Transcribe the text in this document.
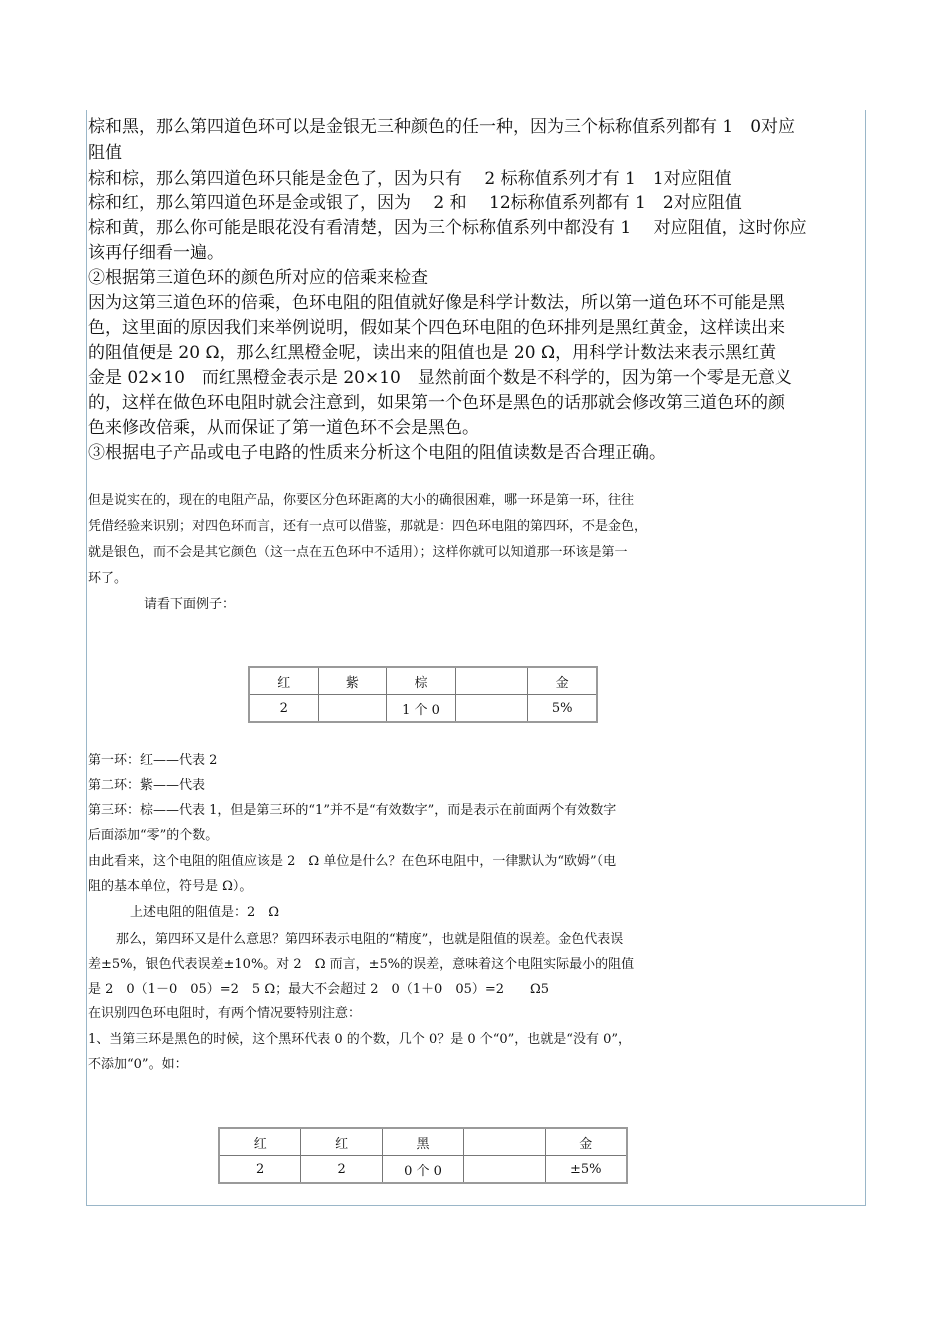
棕和黑，那么第四道色环可以是金银无三种颜色的任一种，因为三个标称值系列都有 1　0对应
阻值
棕和棕，那么第四道色环只能是金色了，因为只有　 2 标称值系列才有 1　1对应阻值
棕和红，那么第四道色环是金或银了，因为　 2 和　 12标称值系列都有 1　2对应阻值
棕和黄，那么你可能是眼花没有看清楚，因为三个标称值系列中都没有 1　 对应阻值，这时你应
该再仔细看一遍。
②根据第三道色环的颜色所对应的倍乘来检查
因为这第三道色环的倍乘，色环电阻的阻值就好像是科学计数法，所以第一道色环不可能是黑
色，这里面的原因我们来举例说明，假如某个四色环电阻的色环排列是黑红黄金，这样读出来
的阻值便是 20 Ω，那么红黑橙金呢，读出来的阻值也是 20 Ω，用科学计数法来表示黑红黄
金是 02×10　而红黑橙金表示是 20×10　显然前面个数是不科学的，因为第一个零是无意义
的，这样在做色环电阻时就会注意到，如果第一个色环是黑色的话那就会修改第三道色环的颜
色来修改倍乘，从而保证了第一道色环不会是黑色。
③根据电子产品或电子电路的性质来分析这个电阻的阻值读数是否合理正确。
但是说实在的，现在的电阻产品，你要区分色环距离的大小的确很困难，哪一环是第一环，往往
凭借经验来识别；对四色环而言，还有一点可以借鉴，那就是：四色环电阻的第四环，不是金色，
就是银色，而不会是其它颜色（这一点在五色环中不适用）；这样你就可以知道那一环该是第一
环了。
请看下面例子：
红	紫	棕		金
2		1 个 0		5%
第一环：红——代表 2
第二环：紫——代表
第三环：棕——代表 1，但是第三环的“1”并不是“有效数字”，而是表示在前面两个有效数字
后面添加“零”的个数。
由此看来，这个电阻的阻值应该是 2　Ω 单位是什么？在色环电阻中，一律默认为“欧姆”（电
阻的基本单位，符号是 Ω）。
上述电阻的阻值是：2　Ω
那么，第四环又是什么意思？第四环表示电阻的“精度”，也就是阻值的误差。金色代表误
差±5%，银色代表误差±10%。对 2　Ω 而言，±5%的误差，意味着这个电阻实际最小的阻值
是 2　0（1－0　05）=2　5 Ω；最大不会超过 2　0（1＋0　05）=2　　Ω5
在识别四色环电阻时，有两个情况要特别注意：
1、当第三环是黑色的时候，这个黑环代表 0 的个数，几个 0？是 0 个“0”，也就是“没有 0”，
不添加“0”。如：
红	红	黑		金
2	2	0 个 0		±5%
